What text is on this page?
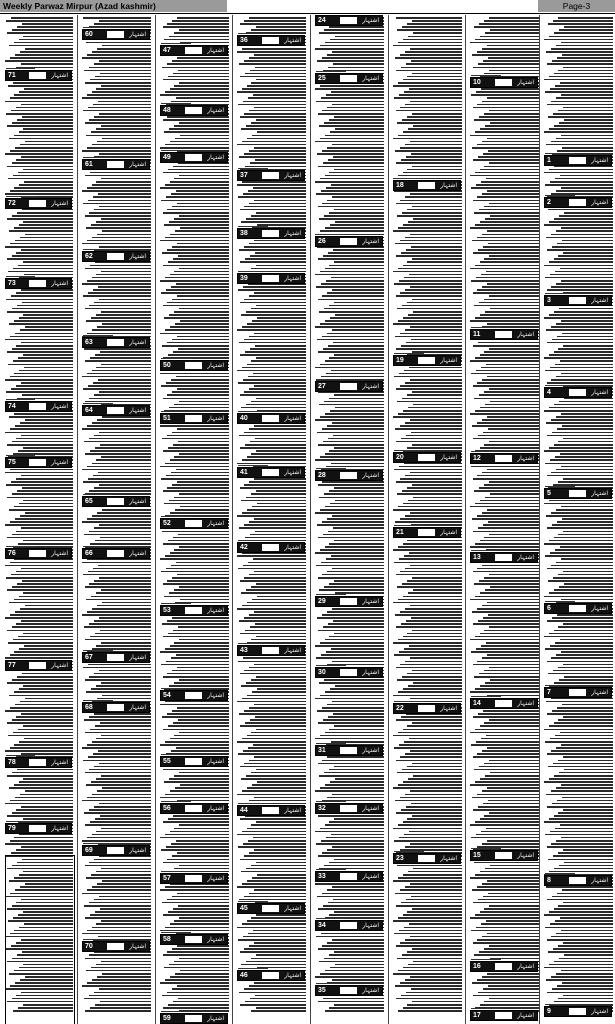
Weekly Parwaz Mirpur (Azad kashmir)	Page-3
71	اشتہار
72	اشتہار
73	اشتہار
74	اشتہار
75	اشتہار
76	اشتہار
77	اشتہار
78	اشتہار
79	اشتہار
60	اشتہار
61	اشتہار
62	اشتہار
63	اشتہار
64	اشتہار
65	اشتہار
66	اشتہار
67	اشتہار
68	اشتہار
69	اشتہار
70	اشتہار
47	اشتہار
48	اشتہار
49	اشتہار
50	اشتہار
51	اشتہار
52	اشتہار
53	اشتہار
54	اشتہار
55	اشتہار
56	اشتہار
57	اشتہار
58	اشتہار
59	اشتہار
36	اشتہار
37	اشتہار
38	اشتہار
39	اشتہار
40	اشتہار
41	اشتہار
42	اشتہار
43	اشتہار
44	اشتہار
45	اشتہار
46	اشتہار
24	اشتہار
25	اشتہار
26	اشتہار
27	اشتہار
28	اشتہار
29	اشتہار
30	اشتہار
31	اشتہار
32	اشتہار
33	اشتہار
34	اشتہار
35	اشتہار
18	اشتہار
19	اشتہار
20	اشتہار
21	اشتہار
22	اشتہار
23	اشتہار
10	اشتہار
11	اشتہار
12	اشتہار
13	اشتہار
14	اشتہار
15	اشتہار
16	اشتہار
17	اشتہار
1	اشتہار
2	اشتہار
3	اشتہار
4	اشتہار
5	اشتہار
6	اشتہار
7	اشتہار
8	اشتہار
9	اشتہار
